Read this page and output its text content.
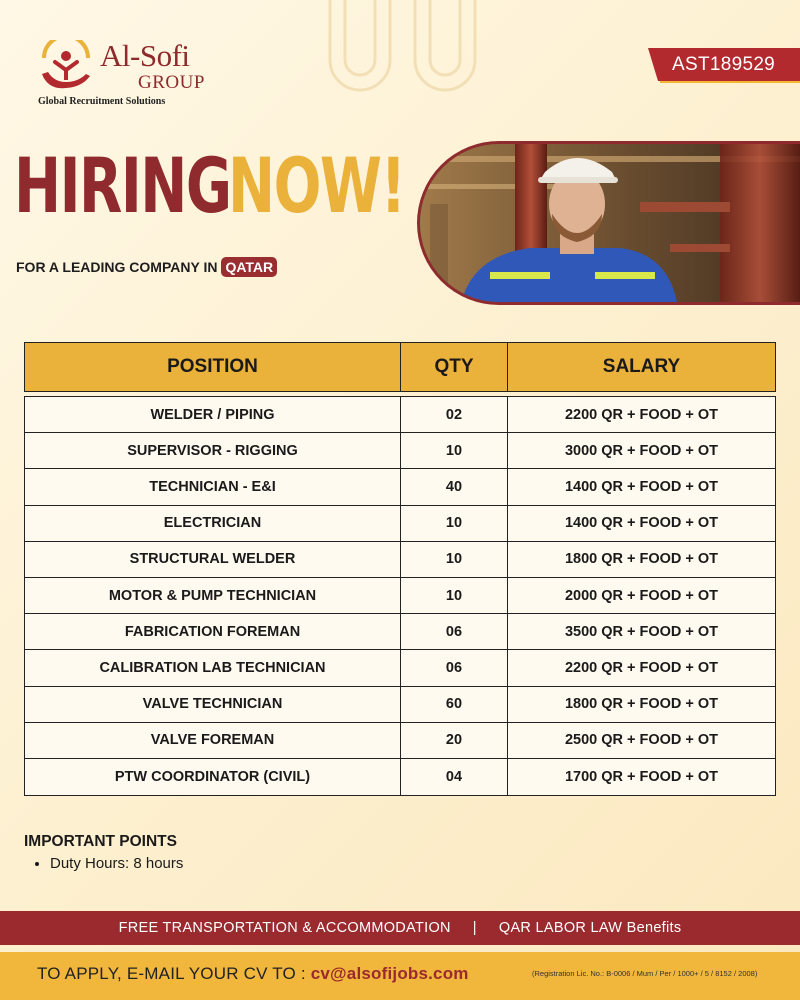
Al-Sofi
GROUP
Global Recruitment Solutions
AST189529
HIRING
NOW!
FOR A LEADING COMPANY IN QATAR
POSITION	QTY	SALARY
WELDER / PIPING	02	2200 QR + FOOD + OT
SUPERVISOR - RIGGING	10	3000 QR + FOOD + OT
TECHNICIAN - E&I	40	1400 QR + FOOD + OT
ELECTRICIAN	10	1400 QR + FOOD + OT
STRUCTURAL WELDER	10	1800 QR + FOOD + OT
MOTOR & PUMP TECHNICIAN	10	2000 QR + FOOD + OT
FABRICATION FOREMAN	06	3500 QR + FOOD + OT
CALIBRATION LAB TECHNICIAN	06	2200 QR + FOOD + OT
VALVE TECHNICIAN	60	1800 QR + FOOD + OT
VALVE FOREMAN	20	2500 QR + FOOD + OT
PTW COORDINATOR (CIVIL)	04	1700 QR + FOOD + OT
IMPORTANT POINTS
• Duty Hours: 8 hours
FREE TRANSPORTATION & ACCOMMODATION | QAR LABOR LAW Benefits
TO APPLY, E-MAIL YOUR CV TO : cv@alsofijobs.com	(Registration Lic. No.: B-0006 / Mum / Per / 1000+ / 5 / 8152 / 2008)
